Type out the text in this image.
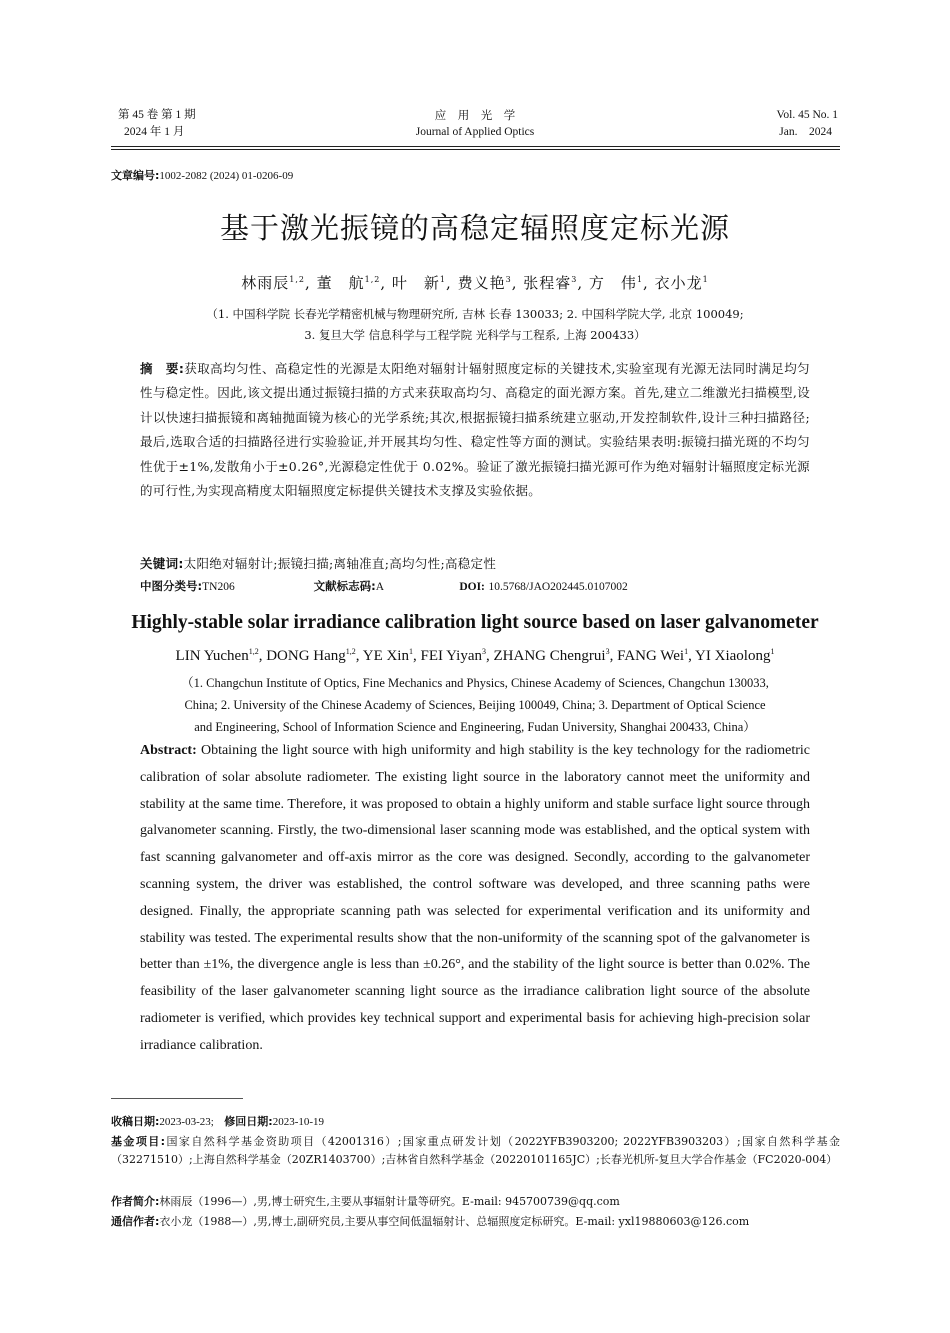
第 45 卷 第 1 期
2024 年 1 月
应　用　光　学
Journal of Applied Optics
Vol. 45 No. 1
Jan.　2024
文章编号:1002-2082 (2024) 01-0206-09
基于激光振镜的高稳定辐照度定标光源
林雨辰$^{1,2}$, 董　航$^{1,2}$, 叶　新$^1$, 费义艳$^3$, 张程睿$^3$, 方　伟$^1$, 衣小龙$^1$
（1. 中国科学院 长春光学精密机械与物理研究所, 吉林 长春 130033; 2. 中国科学院大学, 北京 100049;
3. 复旦大学 信息科学与工程学院 光科学与工程系, 上海 200433）
摘　要:获取高均匀性、高稳定性的光源是太阳绝对辐射计辐射照度定标的关键技术,实验室现有光源无法同时满足均匀性与稳定性。因此,该文提出通过振镜扫描的方式来获取高均匀、高稳定的面光源方案。首先,建立二维激光扫描模型,设计以快速扫描振镜和离轴抛面镜为核心的光学系统;其次,根据振镜扫描系统建立驱动,开发控制软件,设计三种扫描路径;最后,选取合适的扫描路径进行实验验证,并开展其均匀性、稳定性等方面的测试。实验结果表明:振镜扫描光斑的不均匀性优于±1%,发散角小于±0.26°,光源稳定性优于 0.02%。验证了激光振镜扫描光源可作为绝对辐射计辐照度定标光源的可行性,为实现高精度太阳辐照度定标提供关键技术支撑及实验依据。
关键词:太阳绝对辐射计;振镜扫描;离轴准直;高均匀性;高稳定性
中图分类号:TN206	文献标志码:A	DOI: 10.5768/JAO202445.0107002
Highly-stable solar irradiance calibration light source based on laser galvanometer
LIN Yuchen$^{1,2}$, DONG Hang$^{1,2}$, YE Xin$^1$, FEI Yiyan$^3$, ZHANG Chengrui$^3$, FANG Wei$^1$, YI Xiaolong$^1$
（1. Changchun Institute of Optics, Fine Mechanics and Physics, Chinese Academy of Sciences, Changchun 130033,
China; 2. University of the Chinese Academy of Sciences, Beijing 100049, China; 3. Department of Optical Science
and Engineering, School of Information Science and Engineering, Fudan University, Shanghai 200433, China）
Abstract: Obtaining the light source with high uniformity and high stability is the key technology for the radiometric calibration of solar absolute radiometer. The existing light source in the laboratory cannot meet the uniformity and stability at the same time. Therefore, it was proposed to obtain a highly uniform and stable surface light source through galvanometer scanning. Firstly, the two-dimensional laser scanning mode was established, and the optical system with fast scanning galvanometer and off-axis mirror as the core was designed. Secondly, according to the galvanometer scanning system, the driver was established, the control software was developed, and three scanning paths were designed. Finally, the appropriate scanning path was selected for experimental verification and its uniformity and stability was tested. The experimental results show that the non-uniformity of the scanning spot of the galvanometer is better than ±1%, the divergence angle is less than ±0.26°, and the stability of the light source is better than 0.02%. The feasibility of the laser galvanometer scanning light source as the irradiance calibration light source of the absolute radiometer is verified, which provides key technical support and experimental basis for achieving high-precision solar irradiance calibration.
收稿日期:2023-03-23; 修回日期:2023-10-19
基金项目:国家自然科学基金资助项目（42001316）;国家重点研发计划（2022YFB3903200; 2022YFB3903203）;国家自然科学基金（32271510）;上海自然科学基金（20ZR1403700）;吉林省自然科学基金（20220101165JC）;长春光机所-复旦大学合作基金（FC2020-004）
作者简介:林雨辰（1996—）,男,博士研究生,主要从事辐射计量等研究。E-mail: 945700739@qq.com
通信作者:衣小龙（1988—）,男,博士,副研究员,主要从事空间低温辐射计、总辐照度定标研究。E-mail: yxl19880603@126.com
